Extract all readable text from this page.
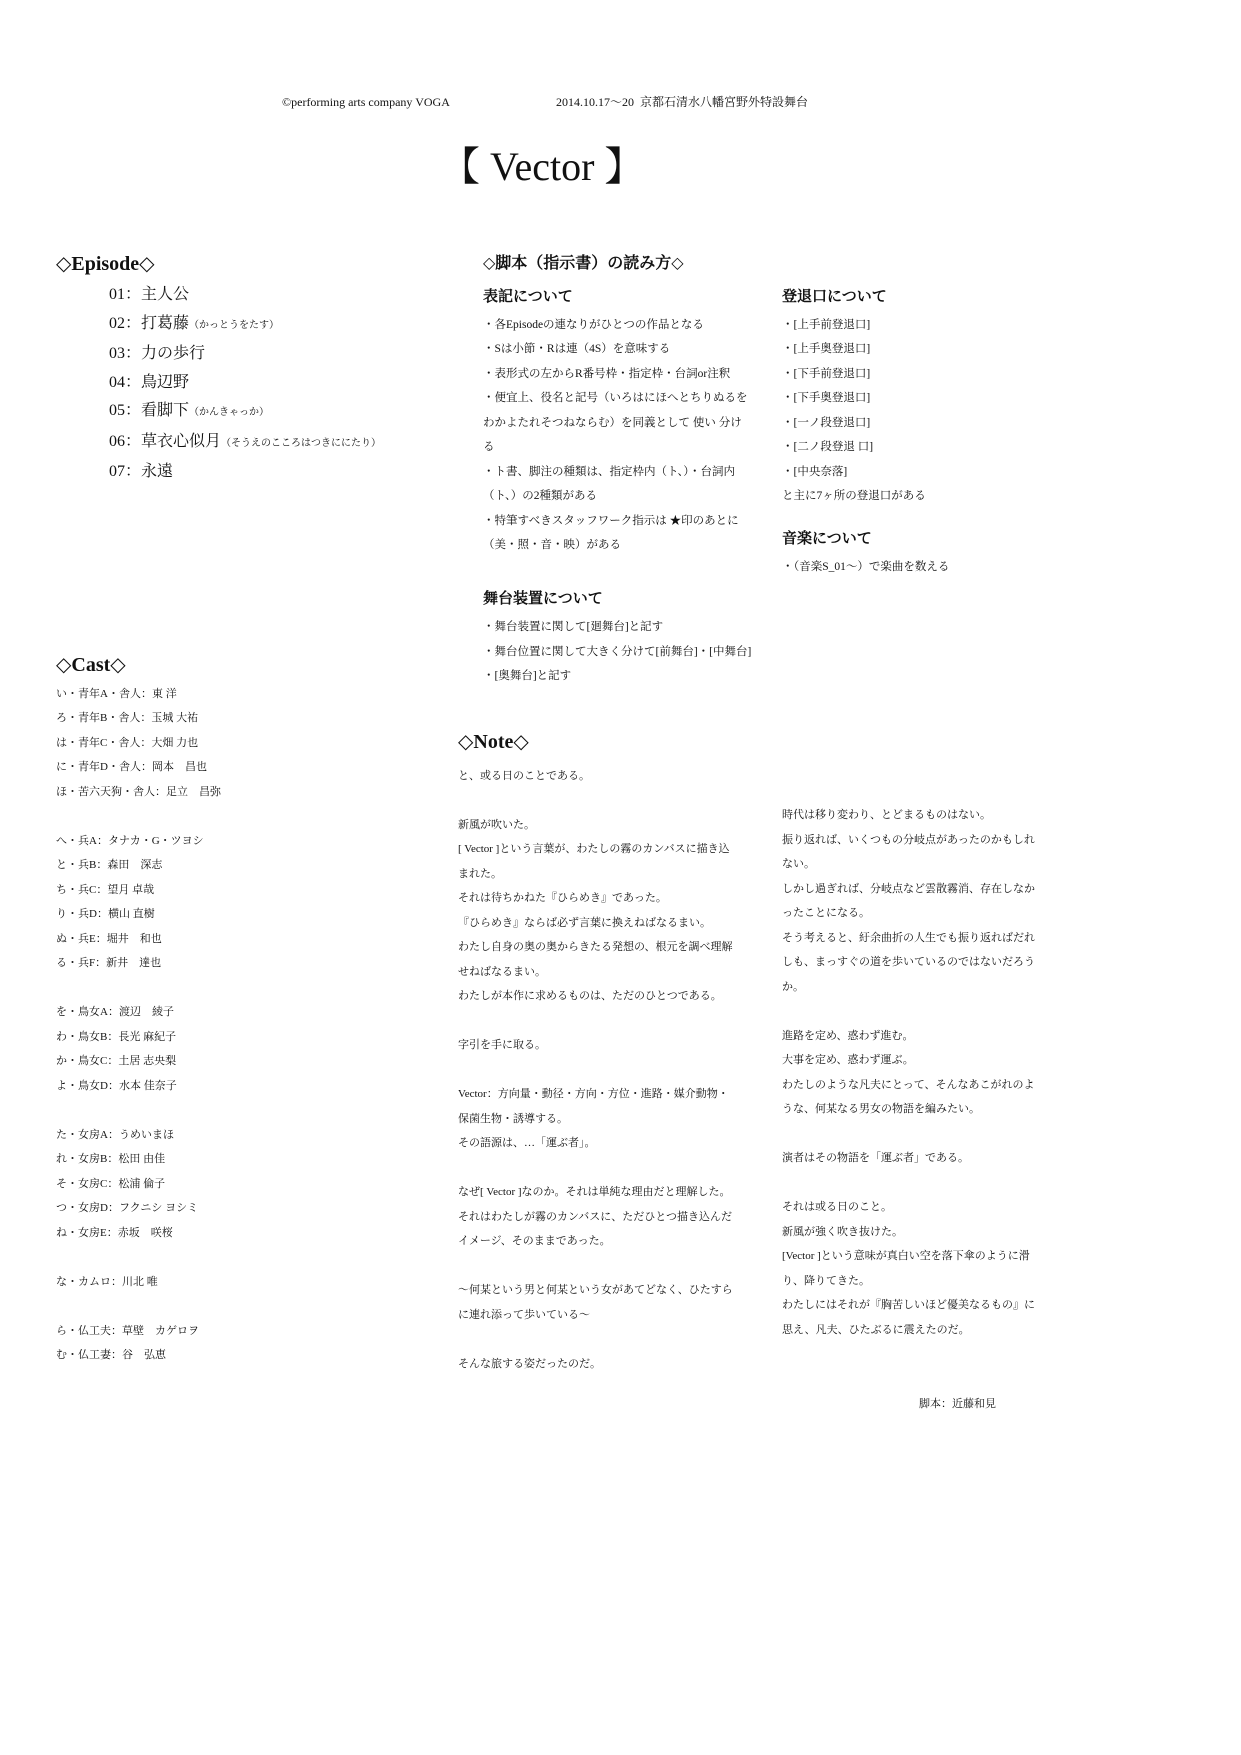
©performing arts company VOGA	2014.10.17～20  京都石清水八幡宮野外特設舞台
【 Vector 】
◇Episode◇
01：主人公
02：打葛藤（かっとうをたす）
03：力の歩行
04：鳥辺野
05：看脚下（かんきゃっか）
06：草衣心似月（そうえのこころはつきににたり）
07：永遠
◇Cast◇
い・青年A・舎人：東 洋
ろ・青年B・舎人：玉城 大祐
は・青年C・舎人：大畑 力也
に・青年D・舎人：岡本　昌也
ほ・苦六天狗・舎人：足立　昌弥
へ・兵A：タナカ・G・ツヨシ
と・兵B：森田　深志
ち・兵C：望月 卓哉
り・兵D：横山 直樹
ぬ・兵E：堀井　和也
る・兵F：新井　達也
を・鳥女A：渡辺　綾子
わ・鳥女B：長光 麻紀子
か・鳥女C：土居 志央梨
よ・鳥女D：水本 佳奈子
た・女房A：うめいまほ
れ・女房B：松田 由佳
そ・女房C：松浦 倫子
つ・女房D：フクニシ ヨシミ
ね・女房E：赤坂　咲桜
な・カムロ：川北 唯
ら・仏工夫：草壁　カゲロヲ
む・仏工妻：谷　弘恵
◇脚本（指示書）の読み方◇
表記について
・各Episodeの連なりがひとつの作品となる
・Sは小節・Rは連（4S）を意味する
・表形式の左からR番号枠・指定枠・台詞or注釈
・便宜上、役名と記号（いろはにほへとちりぬるを
わかよたれそつねならむ）を同義として 使い 分け
る
・ト書、脚注の種類は、指定枠内（ト、）・台詞内
（ト、）の2種類がある
・特筆すべきスタッフワーク指示は ★印のあとに
（美・照・音・映）がある
舞台装置について
・舞台装置に関して[廻舞台]と記す
・舞台位置に関して大きく分けて[前舞台]・[中舞台]
・[奥舞台]と記す
登退口について
・[上手前登退口]
・[上手奥登退口]
・[下手前登退口]
・[下手奥登退口]
・[一ノ段登退口]
・[二ノ段登退 口]
・[中央奈落]
と主に7ヶ所の登退口がある
音楽について
・（音楽S_01～）で楽曲を数える
◇Note◇
と、或る日のことである。
新風が吹いた。
[ Vector ]という言葉が、わたしの霧のカンバスに描き込
まれた。
それは待ちかねた『ひらめき』であった。
『ひらめき』ならば必ず言葉に換えねばなるまい。
わたし自身の奥の奥からきたる発想の、根元を調べ理解
せねばなるまい。
わたしが本作に求めるものは、ただのひとつである。
字引を手に取る。
Vector：方向量・動径・方向・方位・進路・媒介動物・
保菌生物・誘導する。
その語源は、…「運ぶ者」。
なぜ[ Vector ]なのか。それは単純な理由だと理解した。
それはわたしが霧のカンバスに、ただひとつ描き込んだ
イメージ、そのままであった。
～何某という男と何某という女があてどなく、ひたすら
に連れ添って歩いている～
そんな旅する姿だったのだ。
時代は移り変わり、とどまるものはない。
振り返れば、いくつもの分岐点があったのかもしれ
ない。
しかし過ぎれば、分岐点など雲散霧消、存在しなか
ったことになる。
そう考えると、紆余曲折の人生でも振り返ればだれ
しも、まっすぐの道を歩いているのではないだろう
か。
進路を定め、惑わず進む。
大事を定め、惑わず運ぶ。
わたしのような凡夫にとって、そんなあこがれのよ
うな、何某なる男女の物語を編みたい。
演者はその物語を「運ぶ者」である。
それは或る日のこと。
新風が強く吹き抜けた。
[Vector ]という意味が真白い空を落下傘のように滑
り、降りてきた。
わたしにはそれが『胸苦しいほど優美なるもの』に
思え、凡夫、ひたぶるに震えたのだ。
脚本：近藤和見
